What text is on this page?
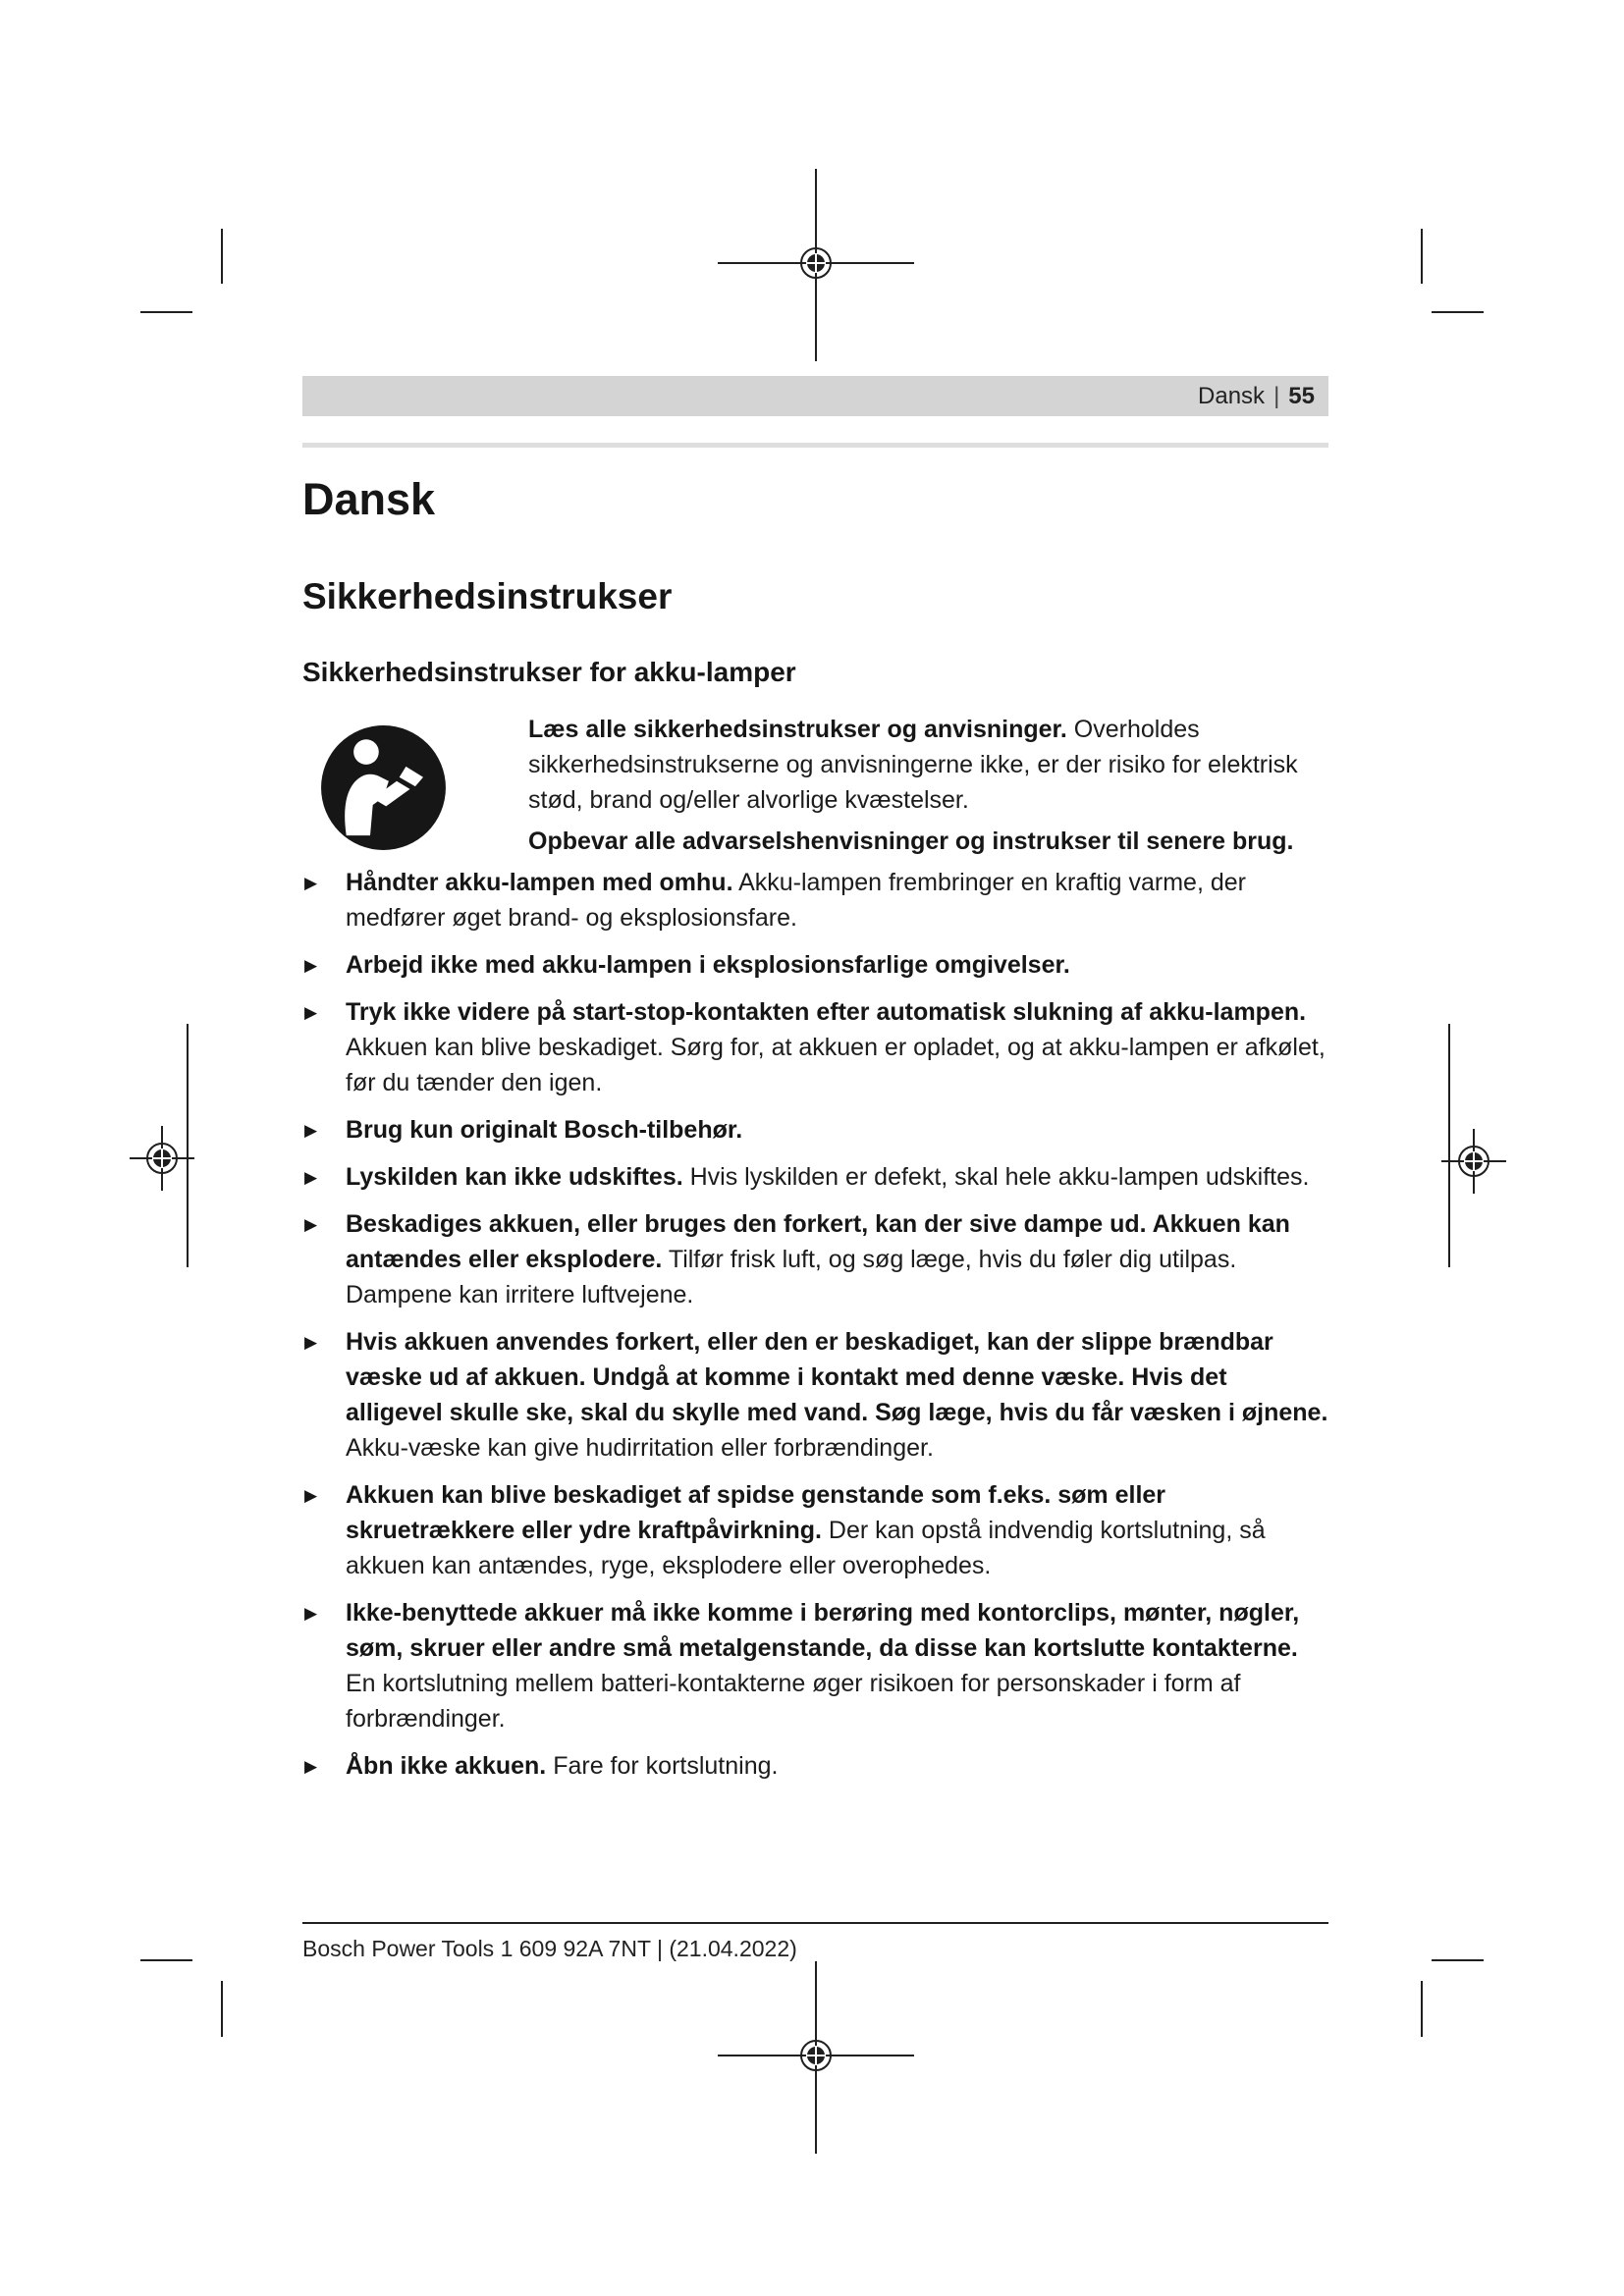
Dansk | 55
Dansk
Sikkerhedsinstrukser
Sikkerhedsinstrukser for akku-lamper

Læs alle sikkerhedsinstrukser og anvisninger. Overholdes sikkerhedsinstrukserne og anvisningerne ikke, er der risiko for elektrisk stød, brand og/eller alvorlige kvæstelser.

Opbevar alle advarselshenvisninger og instrukser til senere brug.

▶ Håndter akku-lampen med omhu. Akku-lampen frembringer en kraftig varme, der medfører øget brand- og eksplosionsfare.
▶ Arbejd ikke med akku-lampen i eksplosionsfarlige omgivelser.
▶ Tryk ikke videre på start-stop-kontakten efter automatisk slukning af akku-lampen. Akkuen kan blive beskadiget. Sørg for, at akkuen er opladet, og at akku-lampen er afkølet, før du tænder den igen.
▶ Brug kun originalt Bosch-tilbehør.
▶ Lyskilden kan ikke udskiftes. Hvis lyskilden er defekt, skal hele akku-lampen udskiftes.
▶ Beskadiges akkuen, eller bruges den forkert, kan der sive dampe ud. Akkuen kan antændes eller eksplodere. Tilfør frisk luft, og søg læge, hvis du føler dig utilpas. Dampene kan irritere luftvejene.
▶ Hvis akkuen anvendes forkert, eller den er beskadiget, kan der slippe brændbar væske ud af akkuen. Undgå at komme i kontakt med denne væske. Hvis det alligevel skulle ske, skal du skylle med vand. Søg læge, hvis du får væsken i øjnene. Akku-væske kan give hudirritation eller forbrændinger.
▶ Akkuen kan blive beskadiget af spidse genstande som f.eks. søm eller skruetrækkere eller ydre kraftpåvirkning. Der kan opstå indvendig kortslutning, så akkuen kan antændes, ryge, eksplodere eller overophedes.
▶ Ikke-benyttede akkuer må ikke komme i berøring med kontorclips, mønter, nøgler, søm, skruer eller andre små metalgenstande, da disse kan kortslutte kontakterne. En kortslutning mellem batteri-kontakterne øger risikoen for personskader i form af forbrændinger.
▶ Åbn ikke akkuen. Fare for kortslutning.
Bosch Power Tools 1 609 92A 7NT | (21.04.2022)
